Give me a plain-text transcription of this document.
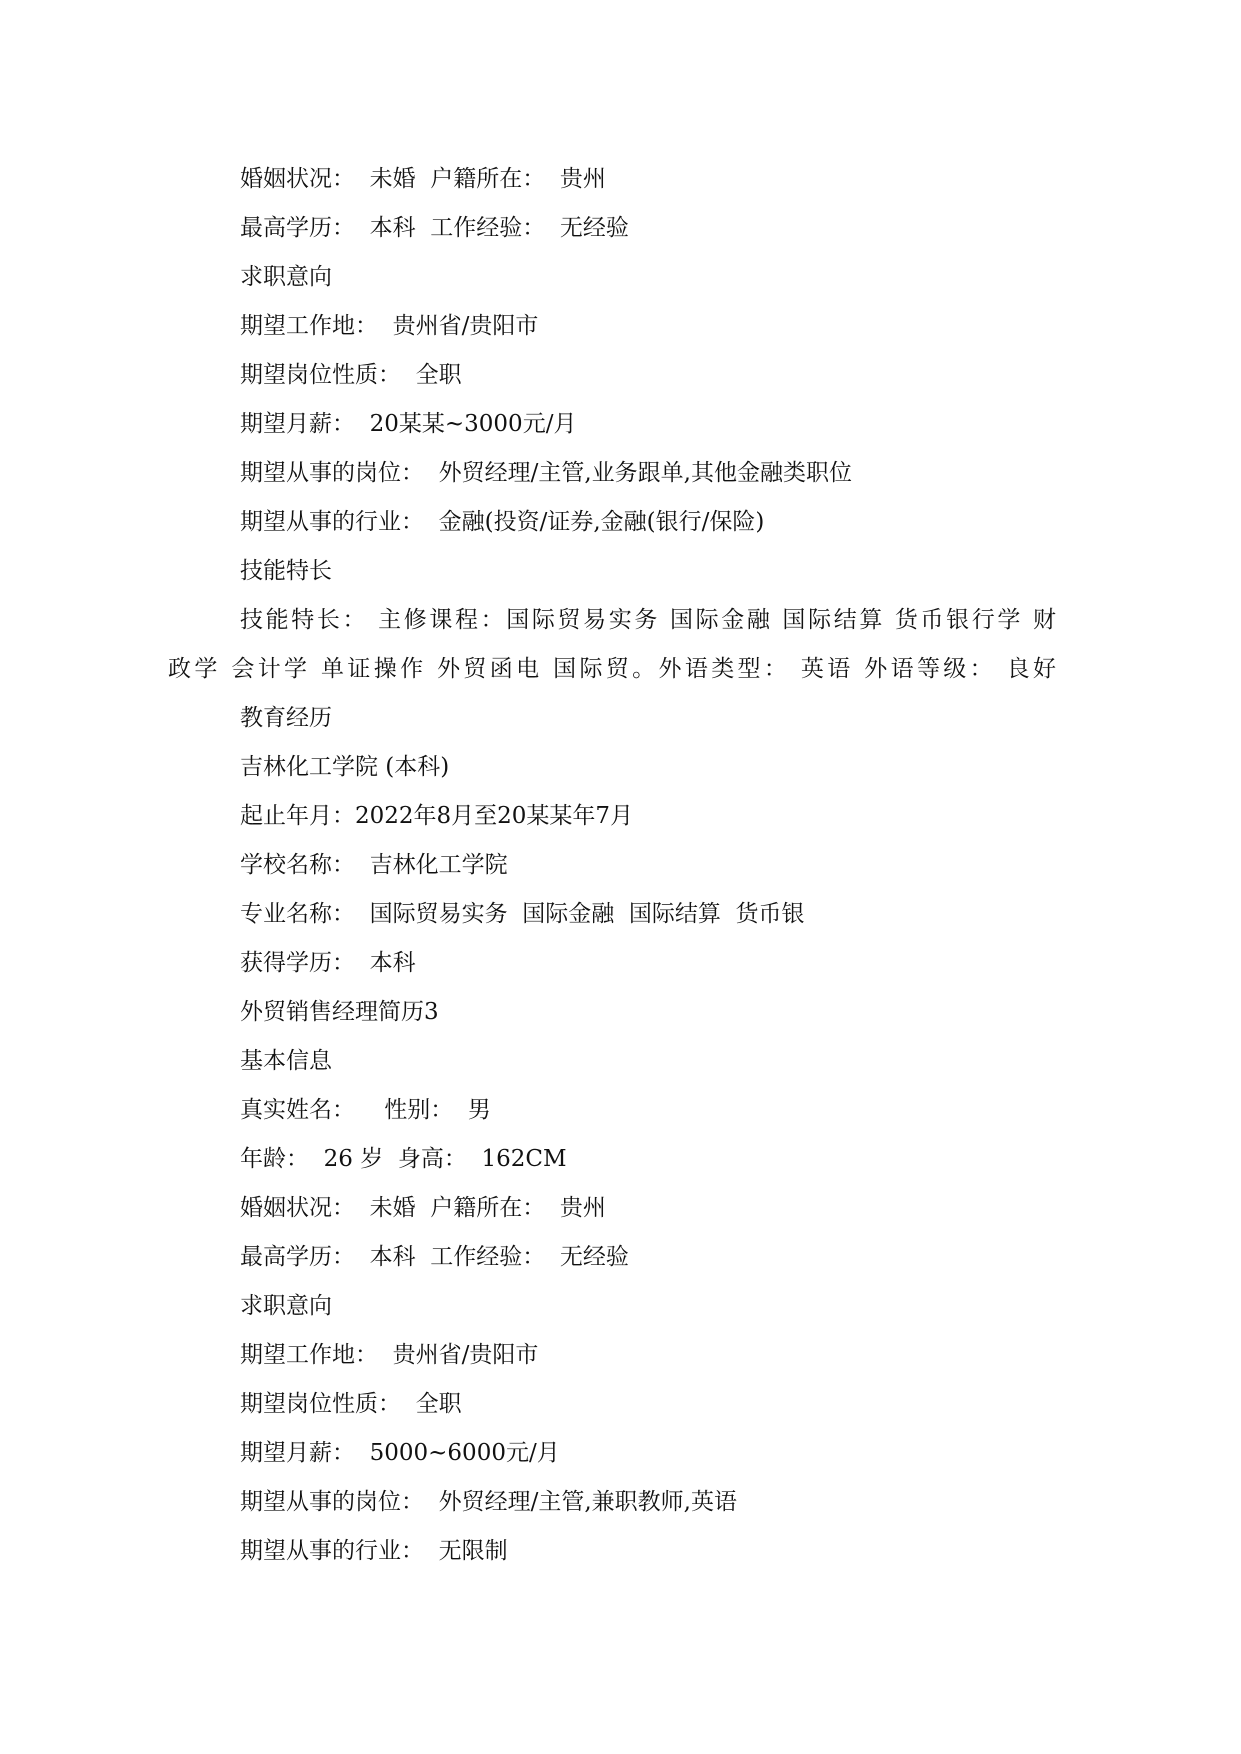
婚姻状况：  未婚  户籍所在：  贵州
最高学历：  本科  工作经验：  无经验
求职意向
期望工作地：  贵州省/贵阳市
期望岗位性质：  全职
期望月薪：  20某某~3000元/月
期望从事的岗位：  外贸经理/主管,业务跟单,其他金融类职位
期望从事的行业：  金融(投资/证券,金融(银行/保险)
技能特长
技能特长： 主修课程：国际贸易实务 国际金融 国际结算 货币银行学 财
政学 会计学 单证操作 外贸函电 国际贸。外语类型： 英语 外语等级： 良好
教育经历
吉林化工学院 (本科)
起止年月：2022年8月至20某某年7月
学校名称：  吉林化工学院
专业名称：  国际贸易实务  国际金融  国际结算  货币银
获得学历：  本科
外贸销售经理简历3
基本信息
真实姓名：    性别：  男
年龄：  26 岁  身高：  162CM
婚姻状况：  未婚  户籍所在：  贵州
最高学历：  本科  工作经验：  无经验
求职意向
期望工作地：  贵州省/贵阳市
期望岗位性质：  全职
期望月薪：  5000~6000元/月
期望从事的岗位：  外贸经理/主管,兼职教师,英语
期望从事的行业：  无限制
